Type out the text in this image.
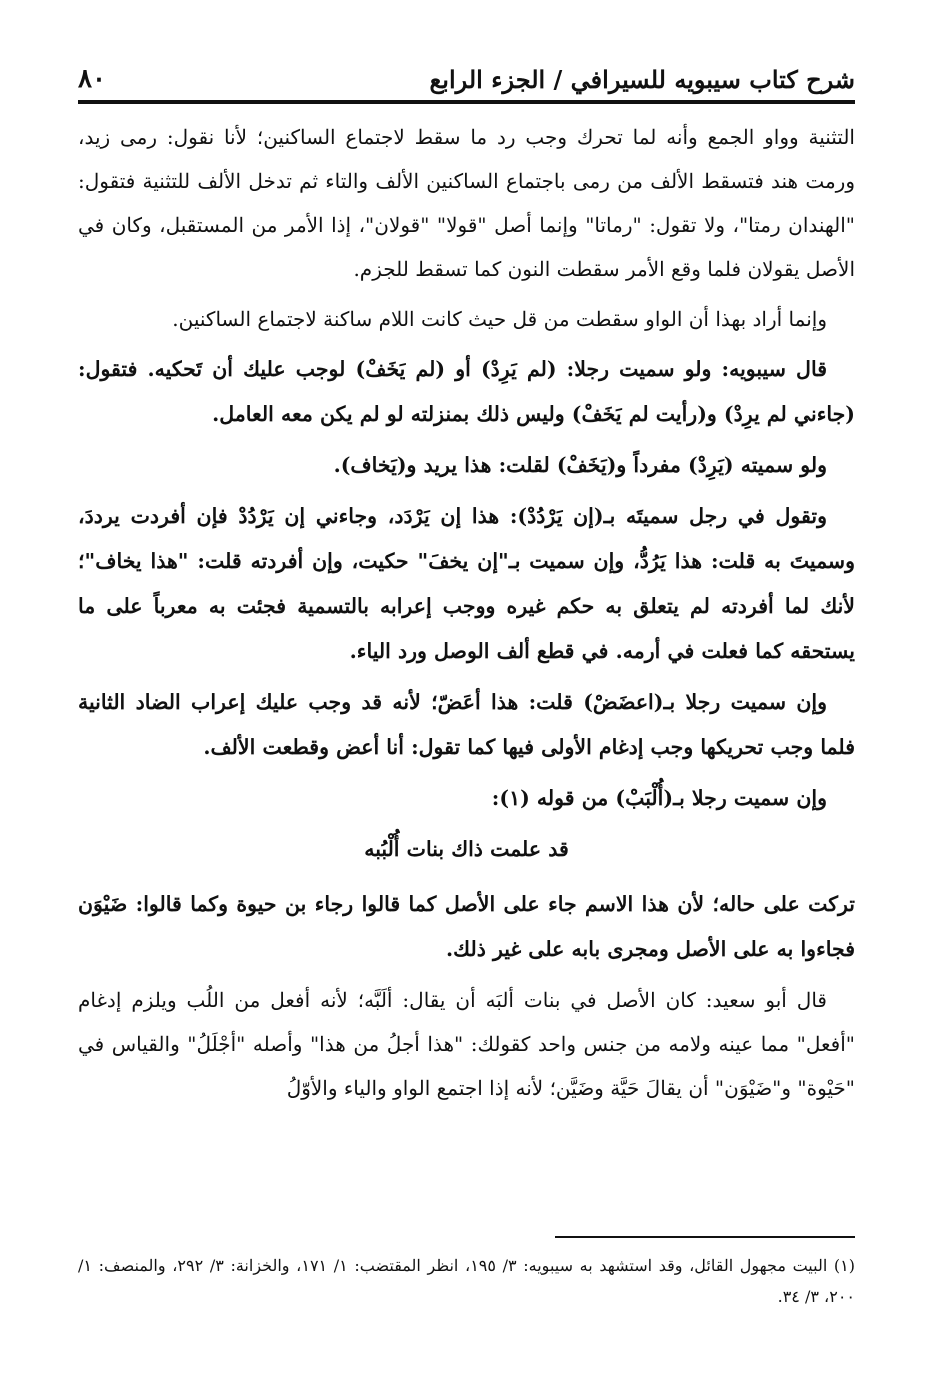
شرح كتاب سيبويه للسيرافي / الجزء الرابع
٨٠

التثنية وواو الجمع وأنه لما تحرك وجب رد ما سقط لاجتماع الساكنين؛ لأنا نقول: رمى زيد، ورمت هند فتسقط الألف من رمى باجتماع الساكنين الألف والتاء ثم تدخل الألف للتثنية فتقول: "الهندان رمتا"، ولا تقول: "رماتا" وإنما أصل "قولا" "قولان"، إذا الأمر من المستقبل، وكان في الأصل يقولان فلما وقع الأمر سقطت النون كما تسقط للجزم.

وإنما أراد بهذا أن الواو سقطت من قل حيث كانت اللام ساكنة لاجتماع الساكنين.

قال سيبويه: ولو سميت رجلا: (لم يَرِدْ) أو (لم يَخَفْ) لوجب عليك أن تَحكيه. فتقول: (جاءني لم يرِدْ) و(رأيت لم يَخَفْ) وليس ذلك بمنزلته لو لم يكن معه العامل.

ولو سميته (يَرِدْ) مفرداً و(يَخَفْ) لقلت: هذا يريد و(يَخاف).

وتقول في رجل سميتَه بـ(إن يَرْدُدْ): هذا إن يَرْدَد، وجاءني إن يَرْدُدْ فإن أفردت يرددَ، وسميتَ به قلت: هذا يَرُدُّ، وإن سميت بـ"إن يخفَ" حكيت، وإن أفردته قلت: "هذا يخاف"؛ لأنك لما أفردته لم يتعلق به حكم غيره ووجب إعرابه بالتسمية فجئت به معرباً على ما يستحقه كما فعلت في أرمه. في قطع ألف الوصل ورد الياء.

وإن سميت رجلا بـ(اعضَضْ) قلت: هذا أعَضّ؛ لأنه قد وجب عليك إعراب الضاد الثانية فلما وجب تحريكها وجب إدغام الأولى فيها كما تقول: أنا أعض وقطعت الألف.

وإن سميت رجلا بـ(أُلْبَبْ) من قوله (١):

قد علمت ذاك بنات أُلْبُبه

تركت على حاله؛ لأن هذا الاسم جاء على الأصل كما قالوا رجاء بن حيوة وكما قالوا: ضَيْوَن فجاءوا به على الأصل ومجرى بابه على غير ذلك.

قال أبو سعيد: كان الأصل في بنات ألبَه أن يقال: ألَبَّه؛ لأنه أفعل من اللُب ويلزم إدغام "أفعل" مما عينه ولامه من جنس واحد كقولك: "هذا أجلُ من هذا" وأصله "أجْلَلُ" والقياس في "حَيْوة" و"ضَيْوَن" أن يقالَ حَيَّة وضَيَّن؛ لأنه إذا اجتمع الواو والياء والأوّلُ

(١) البيت مجهول القائل، وقد استشهد به سيبويه: ٣/ ١٩٥، انظر المقتضب: ١/ ١٧١، والخزانة: ٣/ ٢٩٢، والمنصف: ١/ ٢٠٠، ٣/ ٣٤.
